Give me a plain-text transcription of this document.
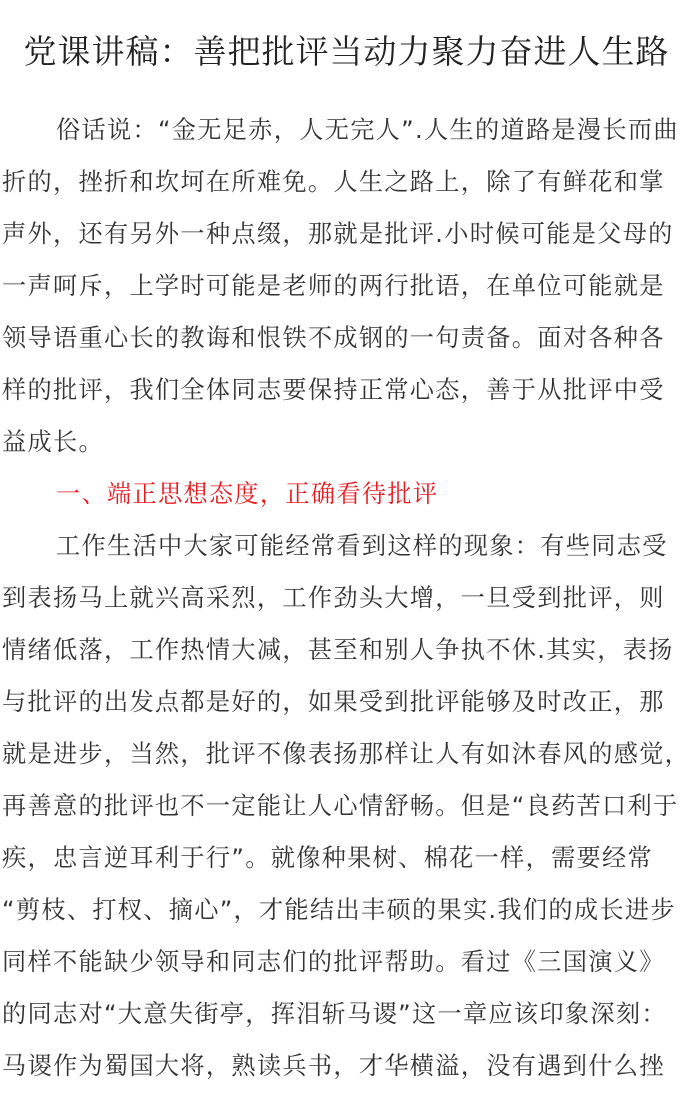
党课讲稿：善把批评当动力聚力奋进人生路
俗话说：“金无足赤，人无完人”.人生的道路是漫长而曲
折的，挫折和坎坷在所难免。人生之路上，除了有鲜花和掌
声外，还有另外一种点缀，那就是批评.小时候可能是父母的
一声呵斥，上学时可能是老师的两行批语，在单位可能就是
领导语重心长的教诲和恨铁不成钢的一句责备。面对各种各
样的批评，我们全体同志要保持正常心态，善于从批评中受
益成长。
一、端正思想态度，正确看待批评
工作生活中大家可能经常看到这样的现象：有些同志受
到表扬马上就兴高采烈，工作劲头大增，一旦受到批评，则
情绪低落，工作热情大减，甚至和别人争执不休.其实，表扬
与批评的出发点都是好的，如果受到批评能够及时改正，那
就是进步，当然，批评不像表扬那样让人有如沐春风的感觉，
再善意的批评也不一定能让人心情舒畅。但是“良药苦口利于
疾，忠言逆耳利于行”。就像种果树、棉花一样，需要经常
“剪枝、打杈、摘心”，才能结出丰硕的果实.我们的成长进步
同样不能缺少领导和同志们的批评帮助。看过《三国演义》
的同志对“大意失街亭，挥泪斩马谡”这一章应该印象深刻：
马谡作为蜀国大将，熟读兵书，才华横溢，没有遇到什么挫
